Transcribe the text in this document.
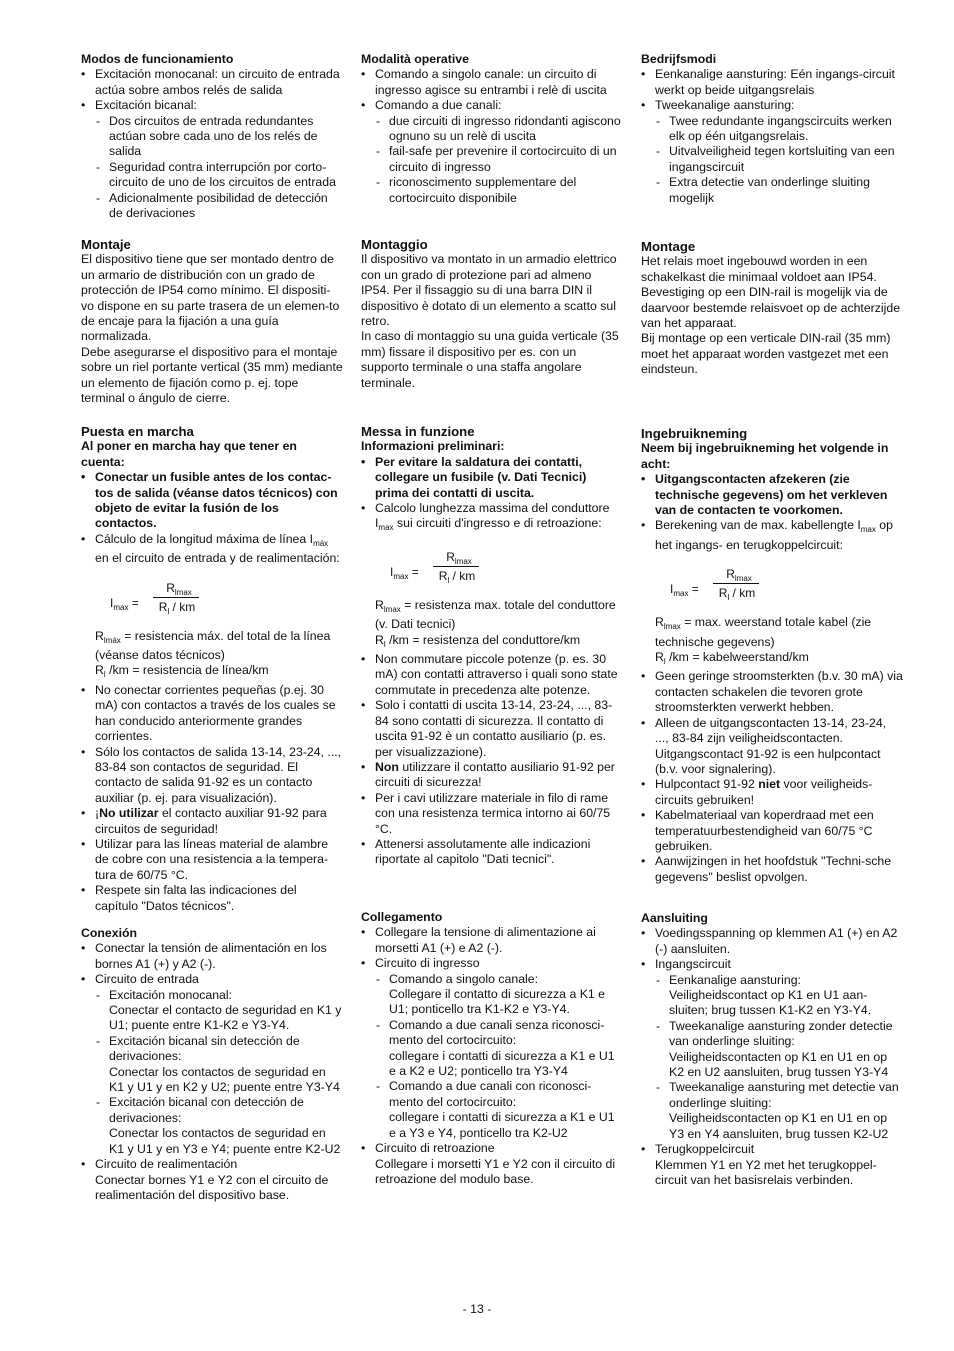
Modos de funcionamiento
• Excitación monocanal: un circuito de entrada actúa sobre ambos relés de salida
• Excitación bicanal:
- Dos circuitos de entrada redundantes actúan sobre cada uno de los relés de salida
- Seguridad contra interrupción por corto-circuito de uno de los circuitos de entrada
- Adicionalmente posibilidad de detección de derivaciones
Montaje

El dispositivo tiene que ser montado dentro de un armario de distribución con un grado de protección de IP54 como mínimo. El dispositi-vo dispone en su parte trasera de un elemen-to de encaje para la fijación a una guía normalizada.

Debe asegurarse el dispositivo para el montaje sobre un riel portante vertical (35 mm) mediante un elemento de fijación como p. ej. tope terminal o ángulo de cierre.

Puesta en marcha
Al poner en marcha hay que tener en cuenta:
• Conectar un fusible antes de los contac-tos de salida (véanse datos técnicos) con objeto de evitar la fusión de los contactos.
• Cálculo de la longitud máxima de línea $I_{máx}$ en el circuito de entrada y de realimentación:
$I_{max}$ =
$R_{lmax}$
$R_l$ / km
$R_{lmáx}$ = resistencia máx. del total de la línea (véanse datos técnicos)
$R_l$ /km = resistencia de línea/km
• No conectar corrientes pequeñas (p.ej. 30 mA) con contactos a través de los cuales se han conducido anteriormente grandes corrientes.
• Sólo los contactos de salida 13-14, 23-24, ..., 83-84 son contactos de seguridad. El contacto de salida 91-92 es un contacto auxiliar (p. ej. para visualización).
• ¡No utilizar el contacto auxiliar 91-92 para circuitos de seguridad!
• Utilizar para las líneas material de alambre de cobre con una resistencia a la tempera-tura de 60/75 °C.
• Respete sin falta las indicaciones del capítulo "Datos técnicos".
Conexión
• Conectar la tensión de alimentación en los bornes A1 (+) y A2 (-).
• Circuito de entrada
- Excitación monocanal:
Conectar el contacto de seguridad en K1 y U1; puente entre K1-K2 e Y3-Y4.
- Excitación bicanal sin detección de derivaciones:
Conectar los contactos de seguridad en K1 y U1 y en K2 y U2; puente entre Y3-Y4
- Excitación bicanal con detección de derivaciones:
Conectar los contactos de seguridad en K1 y U1 y en Y3 e Y4; puente entre K2-U2
• Circuito de realimentación
Conectar bornes Y1 e Y2 con el circuito de realimentación del dispositivo base.
Modalità operative
• Comando a singolo canale: un circuito di ingresso agisce su entrambi i relè di uscita
• Comando a due canali:
- due circuiti di ingresso ridondanti agiscono ognuno su un relè di uscita
- fail-safe per prevenire il cortocircuito di un circuito di ingresso
- riconoscimento supplementare del cortocircuito disponibile
Montaggio

Il dispositivo va montato in un armadio elettrico con un grado di protezione pari ad almeno IP54. Per il fissaggio su di una barra DIN il dispositivo è dotato di un elemento a scatto sul retro.

In caso di montaggio su una guida verticale (35 mm) fissare il dispositivo per es. con un supporto terminale o una staffa angolare terminale.

Messa in funzione
Informazioni preliminari:
• Per evitare la saldatura dei contatti, collegare un fusibile (v. Dati Tecnici) prima dei contatti di uscita.
• Calcolo lunghezza massima del conduttore $I_{max}$ sui circuiti d'ingresso e di retroazione:
$I_{max}$ =
$R_{lmax}$
$R_l$ / km
$R_{lmax}$ = resistenza max. totale del conduttore (v. Dati tecnici)
$R_l$ /km = resistenza del conduttore/km
• Non commutare piccole potenze (p. es. 30 mA) con contatti attraverso i quali sono state commutate in precedenza alte potenze.
• Solo i contatti di uscita 13-14, 23-24, ..., 83-84 sono contatti di sicurezza. Il contatto di uscita 91-92 è un contatto ausiliario (p. es. per visualizzazione).
• Non utilizzare il contatto ausiliario 91-92 per circuiti di sicurezza!
• Per i cavi utilizzare materiale in filo di rame con una resistenza termica intorno ai 60/75 °C.
• Attenersi assolutamente alle indicazioni riportate al capitolo "Dati tecnici".
Collegamento
• Collegare la tensione di alimentazione ai morsetti A1 (+) e A2 (-).
• Circuito di ingresso
- Comando a singolo canale:
Collegare il contatto di sicurezza a K1 e U1; ponticello tra K1-K2 e Y3-Y4.
- Comando a due canali senza riconosci-mento del cortocircuito:
collegare i contatti di sicurezza a K1 e U1 e a K2 e U2; ponticello tra Y3-Y4
- Comando a due canali con riconosci-mento del cortocircuito:
collegare i contatti di sicurezza a K1 e U1 e a Y3 e Y4, ponticello tra K2-U2
• Circuito di retroazione
Collegare i morsetti Y1 e Y2 con il circuito di retroazione del modulo base.
Bedrijfsmodi
• Eenkanalige aansturing: Eén ingangs-circuit werkt op beide uitgangsrelais
• Tweekanalige aansturing:
- Twee redundante ingangscircuits werken elk op één uitgangsrelais.
- Uitvalveiligheid tegen kortsluiting van een ingangscircuit
- Extra detectie van onderlinge sluiting mogelijk
Montage

Het relais moet ingebouwd worden in een schakelkast die minimaal voldoet aan IP54. Bevestiging op een DIN-rail is mogelijk via de daarvoor bestemde relaisvoet op de achterzijde van het apparaat.

Bij montage op een verticale DIN-rail (35 mm) moet het apparaat worden vastgezet met een eindsteun.

Ingebruikneming
Neem bij ingebruikneming het volgende in acht:
• Uitgangscontacten afzekeren (zie technische gegevens) om het verkleven van de contacten te voorkomen.
• Berekening van de max. kabellengte $I_{max}$ op het ingangs- en terugkoppelcircuit:
$I_{max}$ =
$R_{lmax}$
$R_l$ / km
$R_{lmax} = \max$. weerstand totale kabel (zie technische gegevens)
$R_l$ /km = kabelweerstand/km
• Geen geringe stroomsterkten (b.v. 30 mA) via contacten schakelen die tevoren grote stroomsterkten verwerkt hebben.
• Alleen de uitgangscontacten 13-14, 23-24, ..., 83-84 zijn veiligheidscontacten. Uitgangscontact 91-92 is een hulpcontact (b.v. voor signalering).
• Hulpcontact 91-92 niet voor veiligheids-circuits gebruiken!
• Kabelmateriaal van koperdraad met een temperatuurbestendigheid van 60/75 °C gebruiken.
• Aanwijzingen in het hoofdstuk "Techni-sche gegevens" beslist opvolgen.
Aansluiting
• Voedingsspanning op klemmen A1 (+) en A2 (-) aansluiten.
• Ingangscircuit
- Eenkanalige aansturing:
Veiligheidscontact op K1 en U1 aan-sluiten; brug tussen K1-K2 en Y3-Y4.
- Tweekanalige aansturing zonder detectie van onderlinge sluiting:
Veiligheidscontacten op K1 en U1 en op K2 en U2 aansluiten, brug tussen Y3-Y4
- Tweekanalige aansturing met detectie van onderlinge sluiting:
Veiligheidscontacten op K1 en U1 en op Y3 en Y4 aansluiten, brug tussen K2-U2
• Terugkoppelcircuit
Klemmen Y1 en Y2 met het terugkoppel-circuit van het basisrelais verbinden.
- 13 -
